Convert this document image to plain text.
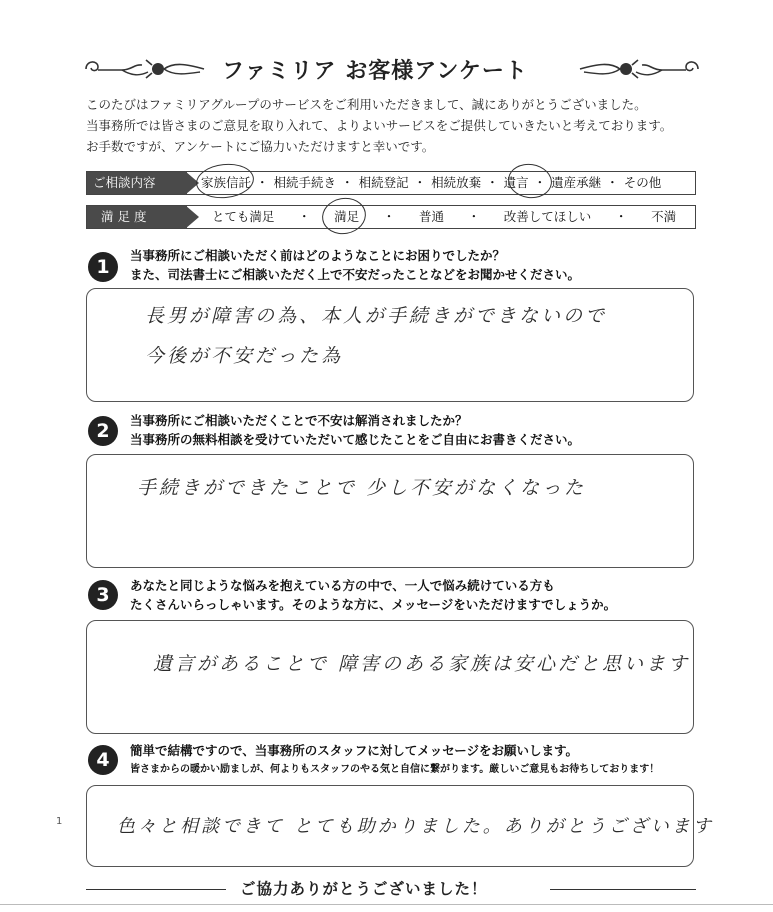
ファミリア お客様アンケート
このたびはファミリアグループのサービスをご利用いただきまして、誠にありがとうございました。
当事務所では皆さまのご意見を取り入れて、よりよいサービスをご提供していきたいと考えております。
お手数ですが、アンケートにご協力いただけますと幸いです。
ご相談内容	家族信託 ・ 相続手続き ・ 相続登記 ・ 相続放棄 ・ 遺言 ・ 遺産承継 ・ その他
満 足 度	とても満足 ・ 満足 ・ 普通 ・ 改善してほしい ・ 不満
1
当事務所にご相談いただく前はどのようなことにお困りでしたか？
また、司法書士にご相談いただく上で不安だったことなどをお聞かせください。
長男が障害の為、本人が手続きができないので
今後が不安だった為
2	当事務所にご相談いただくことで不安は解消されましたか？
当事務所の無料相談を受けていただいて感じたことをご自由にお書きください。
手続きができたことで 少し不安がなくなった
3	あなたと同じような悩みを抱えている方の中で、一人で悩み続けている方も
たくさんいらっしゃいます。そのような方に、メッセージをいただけますでしょうか。
遺言があることで 障害のある家族は安心だと思います
4	簡単で結構ですので、当事務所のスタッフに対してメッセージをお願いします。
皆さまからの暖かい励ましが、何よりもスタッフのやる気と自信に繋がります。厳しいご意見もお待ちしております！
色々と相談できて とても助かりました。ありがとうございます
1
ご協力ありがとうございました！
